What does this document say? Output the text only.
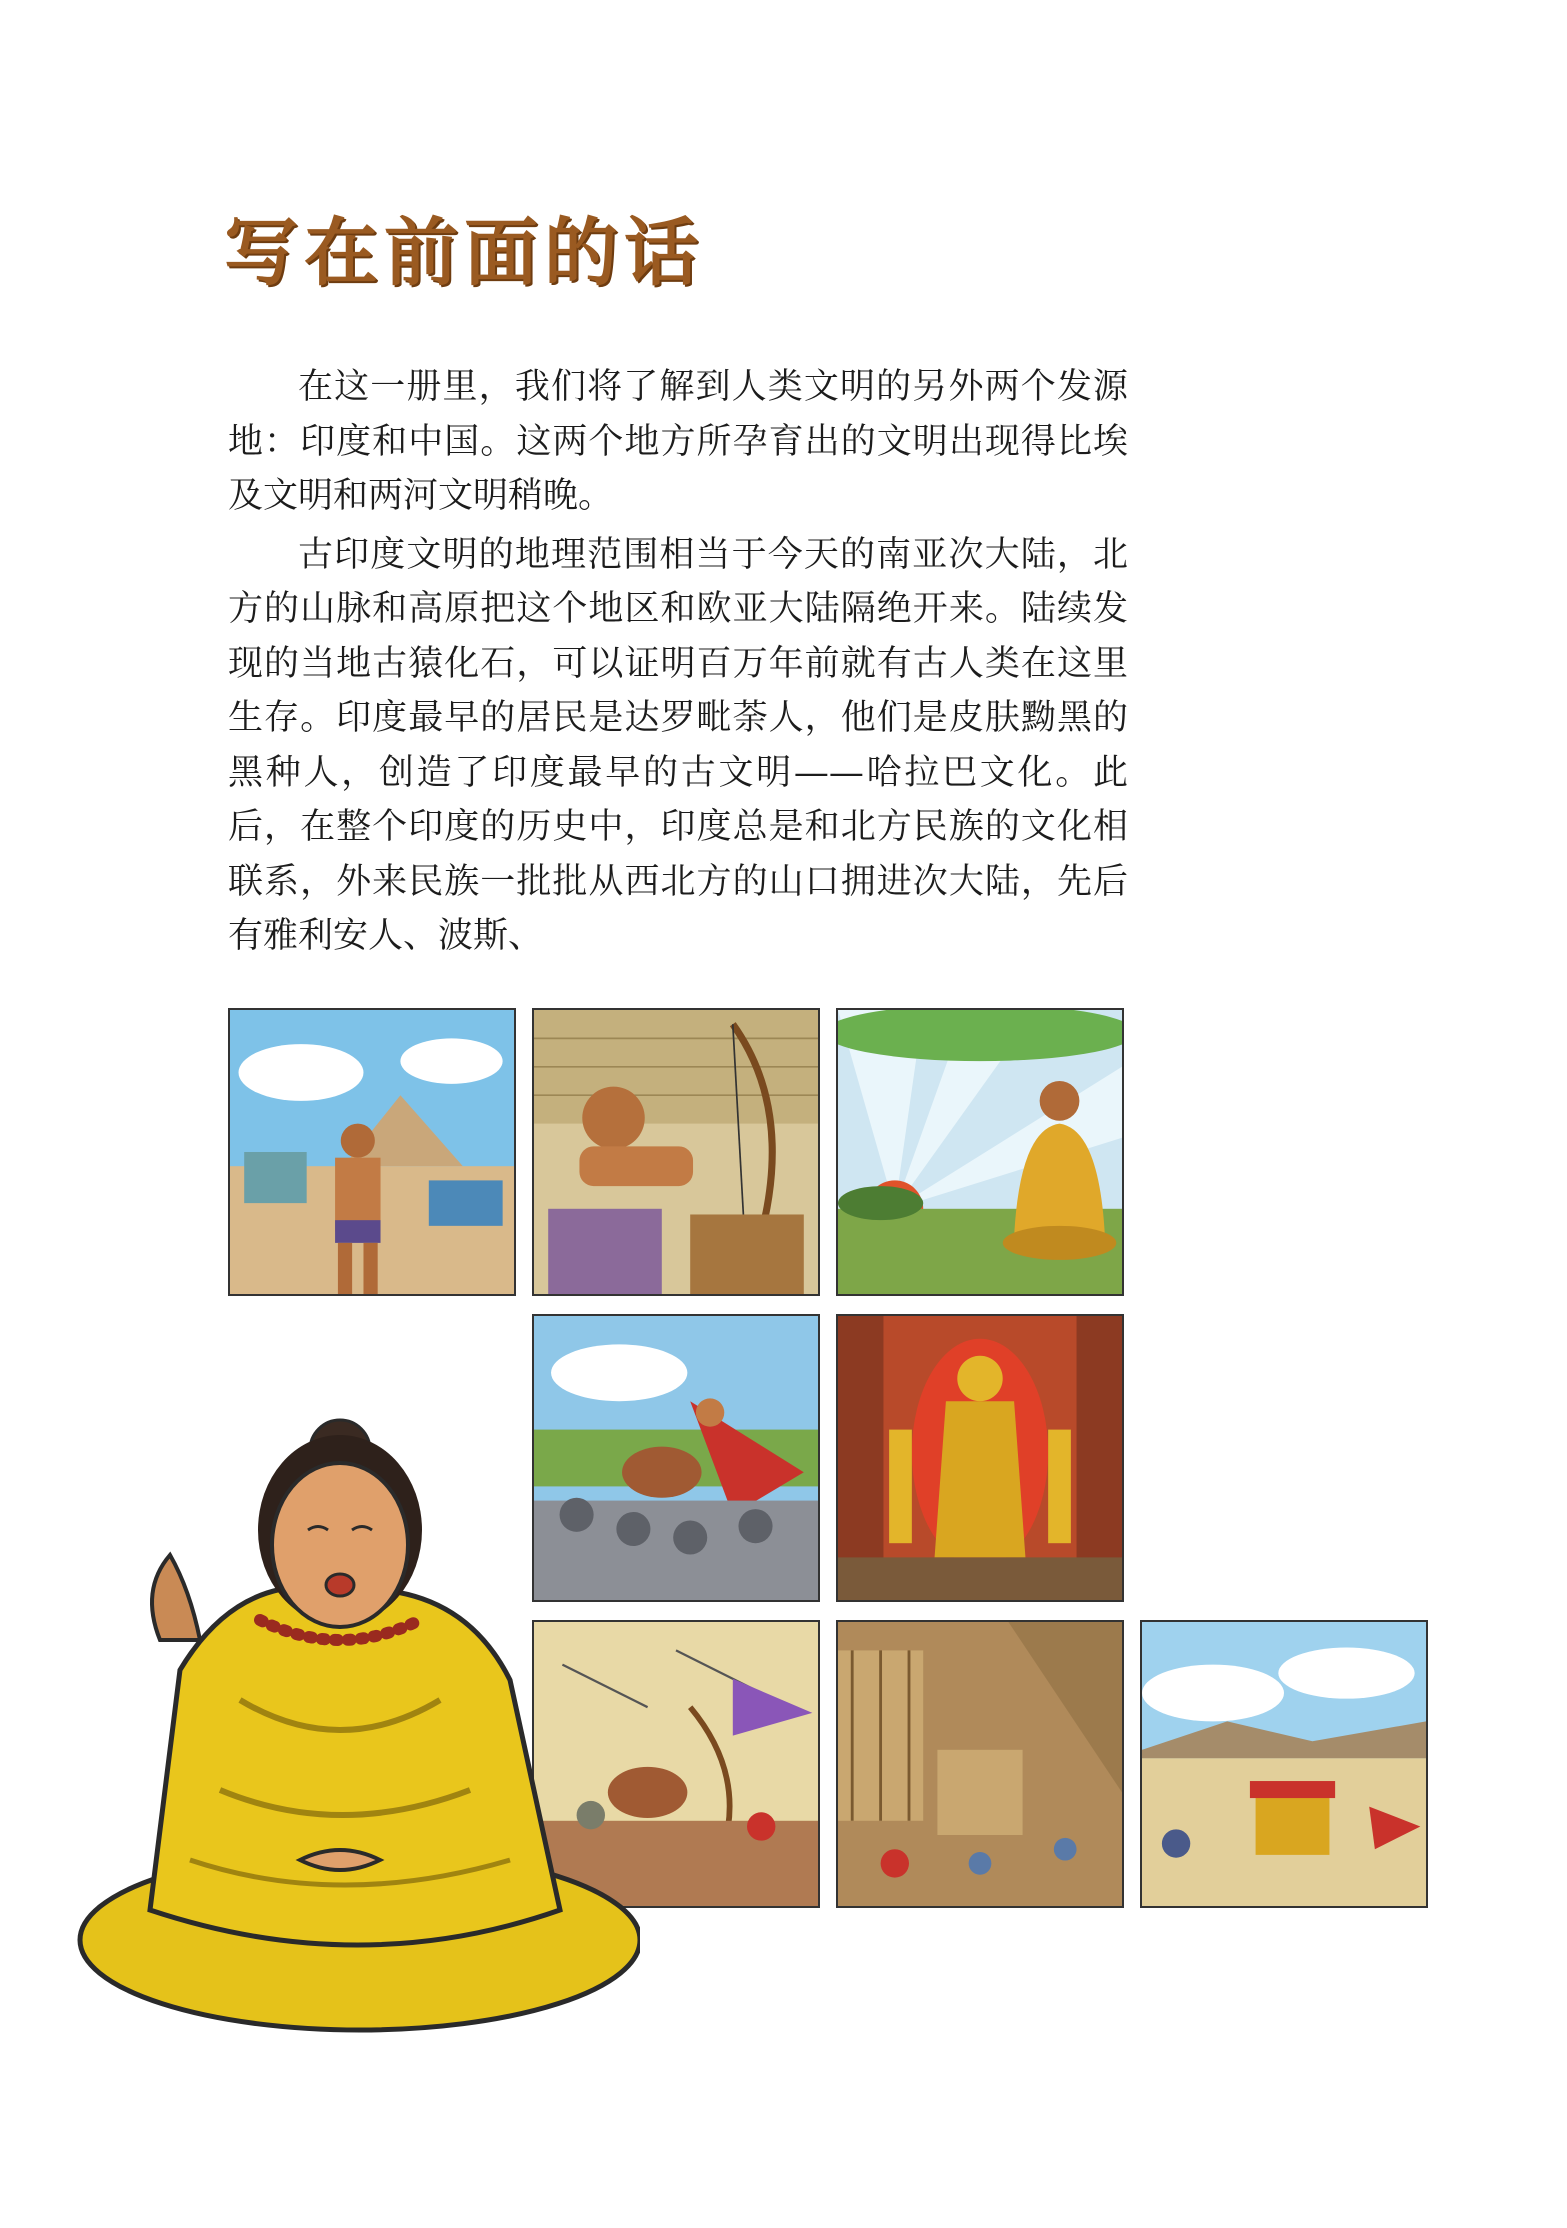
写在前面的话

在这一册里，我们将了解到人类文明的另外两个发源地：印度和中国。这两个地方所孕育出的文明出现得比埃及文明和两河文明稍晚。

古印度文明的地理范围相当于今天的南亚次大陆，北方的山脉和高原把这个地区和欧亚大陆隔绝开来。陆续发现的当地古猿化石，可以证明百万年前就有古人类在这里生存。印度最早的居民是达罗毗荼人，他们是皮肤黝黑的黑种人，创造了印度最早的古文明——哈拉巴文化。此后，在整个印度的历史中，印度总是和北方民族的文化相联系，外来民族一批批从西北方的山口拥进次大陆，先后有雅利安人、波斯、
